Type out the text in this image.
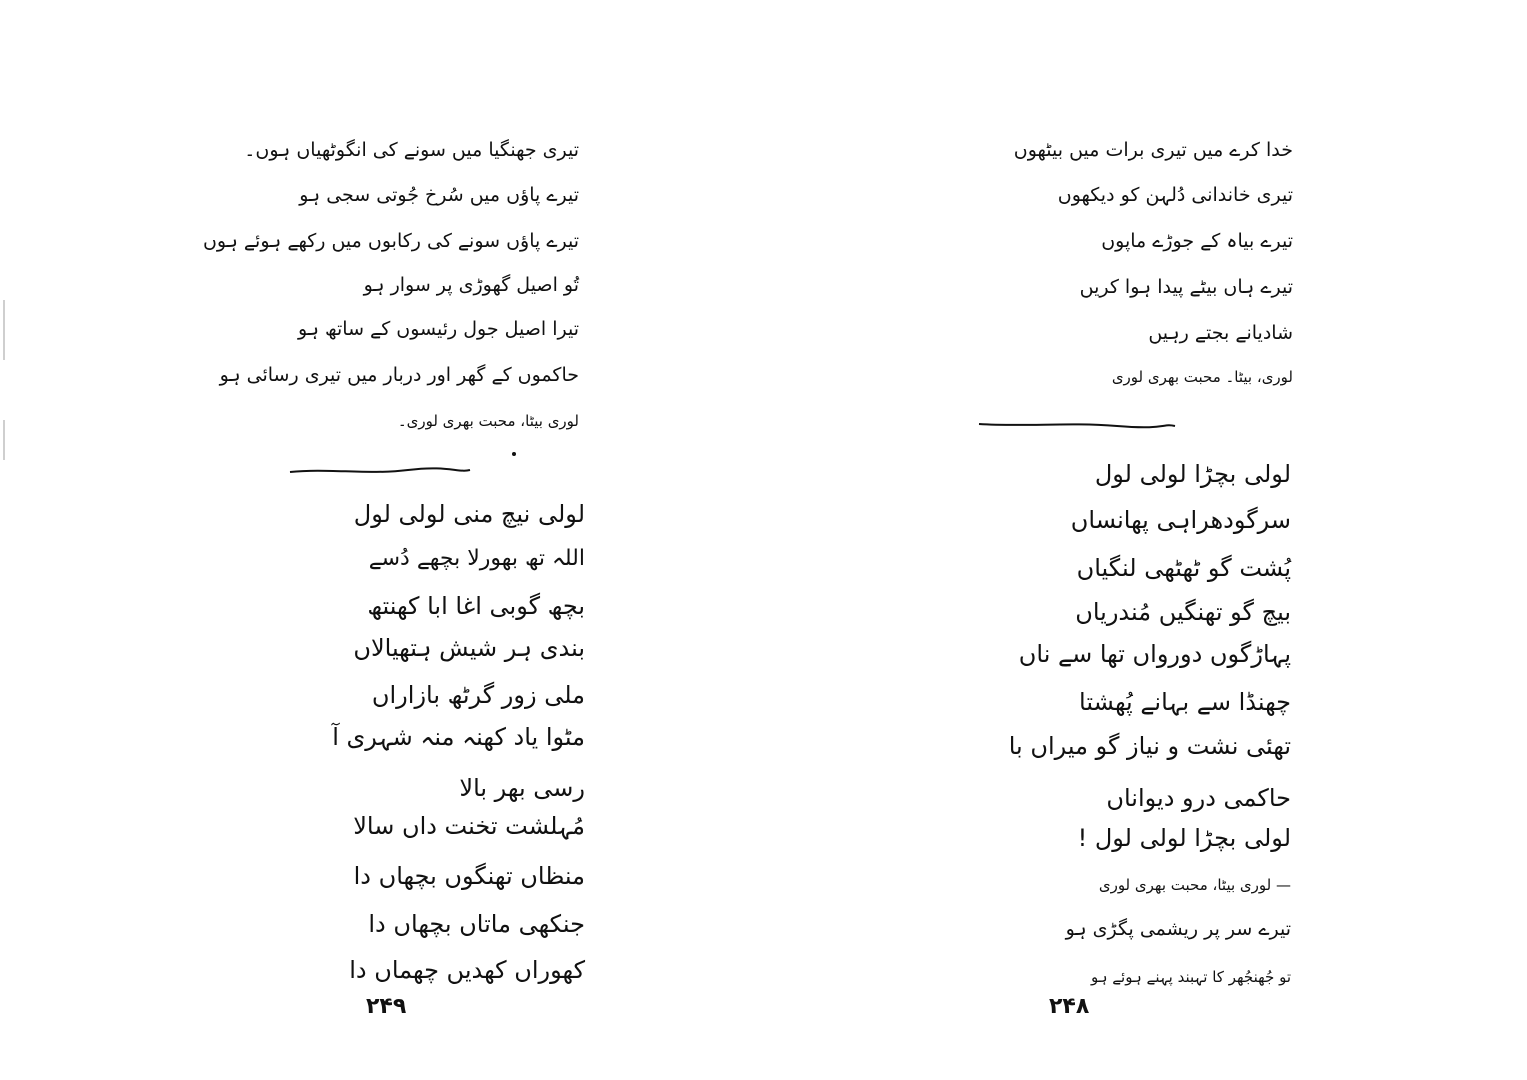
تیری جھنگیا میں سونے کی انگوٹھیاں ہوں۔
تیرے پاؤں میں سُرخ جُوتی سجی ہو
تیرے پاؤں سونے کی رکابوں میں رکھے ہوئے ہوں
تُو اصیل گھوڑی پر سوار ہو
تیرا اصیل جول رئیسوں کے ساتھ ہو
حاکموں کے گھر اور دربار میں تیری رسائی ہو
لوری بیٹا، محبت بھری لوری۔
لولی نیچ منی لولی لول
اللہ تھ بھورلا بچھے دُسے
بچھ گوبی اغا ابا کھنتھ
بندی ہر شیش ہتھیالاں
ملی زور گرٹھ بازاراں
مٹوا یاد کھنہ منہ شہری آ
رسی بھر بالا
مُہلشت تخنت داں سالا
منظاں تھنگوں بچھاں دا
جنکھی ماتاں بچھاں دا
کھوراں کھدیں چھماں دا
۲۴۹
خدا کرے میں تیری برات میں بیٹھوں
تیری خاندانی دُلہن کو دیکھوں
تیرے بیاہ کے جوڑے ماپوں
تیرے ہاں بیٹے پیدا ہوا کریں
شادیانے بجتے رہیں
لوری، بیٹا۔ محبت بھری لوری
لولی بچڑا لولی لول
سرگودھراہی پھانساں
پُشت گو ٹھٹھی لنگیاں
بیچ گو تھنگیں مُندریاں
پہاڑگوں دورواں تھا سے ناں
چھنڈا سے بہانے پُھشتا
تھئی نشت و نیاز گو میراں با
حاکمی درو دیواناں
لولی بچڑا لولی لول !
— لوری بیٹا، محبت بھری لوری
تیرے سر پر ریشمی پگڑی ہو
تو جُھنجُھر کا تہبند پہنے ہوئے ہو
۲۴۸
